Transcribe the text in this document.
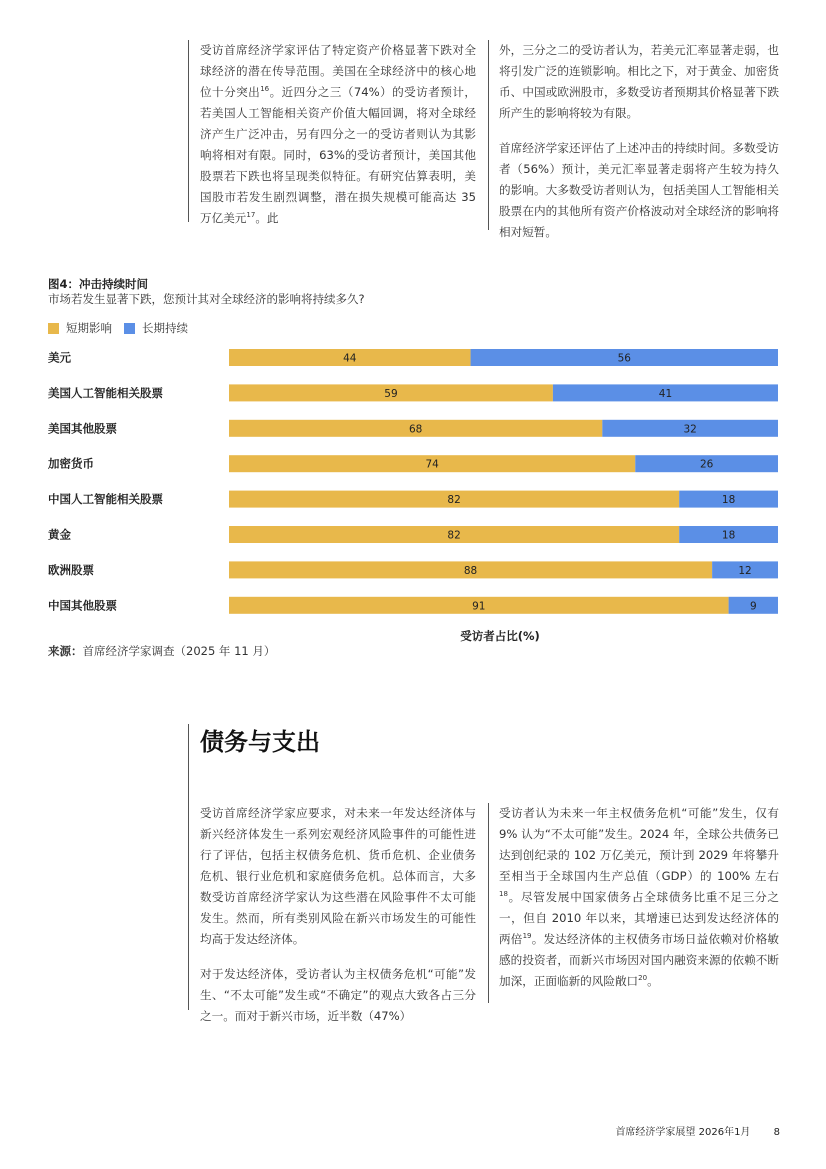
受访首席经济学家评估了特定资产价格显著下跌对全球经济的潜在传导范围。美国在全球经济中的核心地位十分突出$^{16}$。近四分之三（74%）的受访者预计，若美国人工智能相关资产价值大幅回调，将对全球经济产生广泛冲击，另有四分之一的受访者则认为其影响将相对有限。同时，63%的受访者预计，美国其他股票若下跌也将呈现类似特征。有研究估算表明，美国股市若发生剧烈调整，潜在损失规模可能高达 35 万亿美元$^{17}$。此

外，三分之二的受访者认为，若美元汇率显著走弱，也将引发广泛的连锁影响。相比之下，对于黄金、加密货币、中国或欧洲股市，多数受访者预期其价格显著下跌所产生的影响将较为有限。

首席经济学家还评估了上述冲击的持续时间。多数受访者（56%）预计，美元汇率显著走弱将产生较为持久的影响。大多数受访者则认为，包括美国人工智能相关股票在内的其他所有资产价格波动对全球经济的影响将相对短暂。

图4：冲击持续时间
市场若发生显著下跌，您预计其对全球经济的影响将持续多久?
短期影响	长期持续
美元	44	56
美国人工智能相关股票	59	41
美国其他股票	68	32
加密货币	74	26
中国人工智能相关股票	82	18
黄金	82	18
欧洲股票	88	12
中国其他股票	91	9
受访者占比(%)
来源：首席经济学家调查（2025 年 11 月）
债务与支出

受访首席经济学家应要求，对未来一年发达经济体与新兴经济体发生一系列宏观经济风险事件的可能性进行了评估，包括主权债务危机、货币危机、企业债务危机、银行业危机和家庭债务危机。总体而言，大多数受访首席经济学家认为这些潜在风险事件不太可能发生。然而，所有类别风险在新兴市场发生的可能性均高于发达经济体。

对于发达经济体，受访者认为主权债务危机“可能”发生、“不太可能”发生或“不确定”的观点大致各占三分之一。而对于新兴市场，近半数（47%）

受访者认为未来一年主权债务危机“可能”发生，仅有 9% 认为“不太可能”发生。2024 年，全球公共债务已达到创纪录的 102 万亿美元，预计到 2029 年将攀升至相当于全球国内生产总值（GDP）的 100% 左右$^{18}$。尽管发展中国家债务占全球债务比重不足三分之一，但自 2010 年以来，其增速已达到发达经济体的两倍$^{19}$。发达经济体的主权债务市场日益依赖对价格敏感的投资者，而新兴市场因对国内融资来源的依赖不断加深，正面临新的风险敞口$^{20}$。

首席经济学家展望 2026年1月 8
